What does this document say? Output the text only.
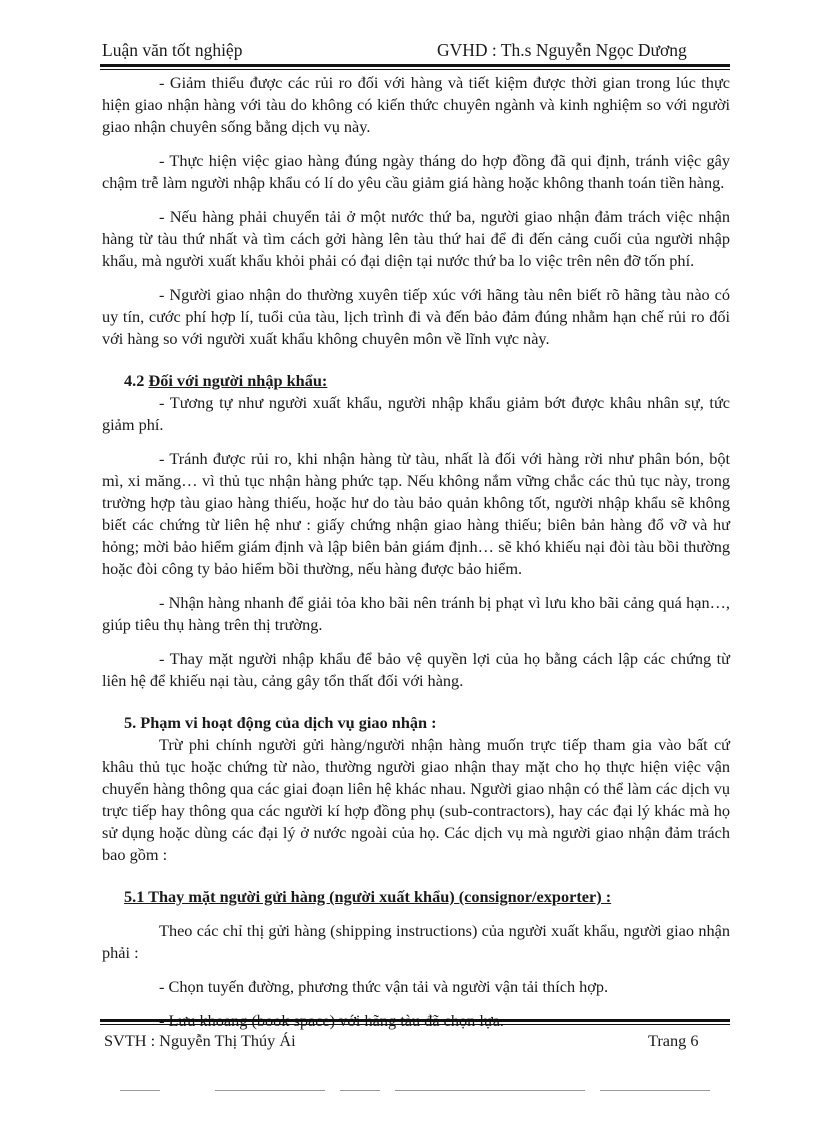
Luận văn tốt nghiệp	GVHD : Th.s Nguyễn Ngọc Dương

- Giảm thiểu được các rủi ro đối với hàng và tiết kiệm được thời gian trong lúc thực hiện giao nhận hàng với tàu do không có kiến thức chuyên ngành và kinh nghiệm so với người giao nhận chuyên sống bằng dịch vụ này.

- Thực hiện việc giao hàng đúng ngày tháng do hợp đồng đã qui định, tránh việc gây chậm trễ làm người nhập khẩu có lí do yêu cầu giảm giá hàng hoặc không thanh toán tiền hàng.

- Nếu hàng phải chuyển tải ở một nước thứ ba, người giao nhận đảm trách việc nhận hàng từ tàu thứ nhất và tìm cách gởi hàng lên tàu thứ hai để đi đến cảng cuối của người nhập khẩu, mà người xuất khẩu khỏi phải có đại diện tại nước thứ ba lo việc trên nên đỡ tốn phí.

- Người giao nhận do thường xuyên tiếp xúc với hãng tàu nên biết rõ hãng tàu nào có uy tín, cước phí hợp lí, tuổi của tàu, lịch trình đi và đến bảo đảm đúng nhằm hạn chế rủi ro đối với hàng so với người xuất khẩu không chuyên môn về lĩnh vực này.

4.2 Đối với người nhập khẩu:

- Tương tự như người xuất khẩu, người nhập khẩu giảm bớt được khâu nhân sự, tức giảm phí.

- Tránh được rủi ro, khi nhận hàng từ tàu, nhất là đối với hàng rời như phân bón, bột mì, xi măng… vì thủ tục nhận hàng phức tạp. Nếu không nắm vững chắc các thủ tục này, trong trường hợp tàu giao hàng thiếu, hoặc hư do tàu bảo quản không tốt, người nhập khẩu sẽ không biết các chứng từ liên hệ như : giấy chứng nhận giao hàng thiếu; biên bản hàng đổ vỡ và hư hỏng; mời bảo hiểm giám định và lập biên bản giám định… sẽ khó khiếu nại đòi tàu bồi thường hoặc đòi công ty bảo hiểm bồi thường, nếu hàng được bảo hiểm.

- Nhận hàng nhanh để giải tỏa kho bãi nên tránh bị phạt vì lưu kho bãi cảng quá hạn…, giúp tiêu thụ hàng trên thị trường.

- Thay mặt người nhập khẩu để bảo vệ quyền lợi của họ bằng cách lập các chứng từ liên hệ để khiếu nại tàu, cảng gây tổn thất đối với hàng.

5. Phạm vi hoạt động của dịch vụ giao nhận :

Trừ phi chính người gửi hàng/người nhận hàng muốn trực tiếp tham gia vào bất cứ khâu thủ tục hoặc chứng từ nào, thường người giao nhận thay mặt cho họ thực hiện việc vận chuyển hàng thông qua các giai đoạn liên hệ khác nhau. Người giao nhận có thể làm các dịch vụ trực tiếp hay thông qua các người kí hợp đồng phụ (sub-contractors), hay các đại lý khác mà họ sử dụng hoặc dùng các đại lý ở nước ngoài của họ. Các dịch vụ mà người giao nhận đảm trách bao gồm :

5.1 Thay mặt người gửi hàng (người xuất khẩu) (consignor/exporter) :

Theo các chỉ thị gửi hàng (shipping instructions) của người xuất khẩu, người giao nhận phải :

- Chọn tuyến đường, phương thức vận tải và người vận tải thích hợp.

SVTH : Nguyễn Thị Thúy Ái	Trang 6
